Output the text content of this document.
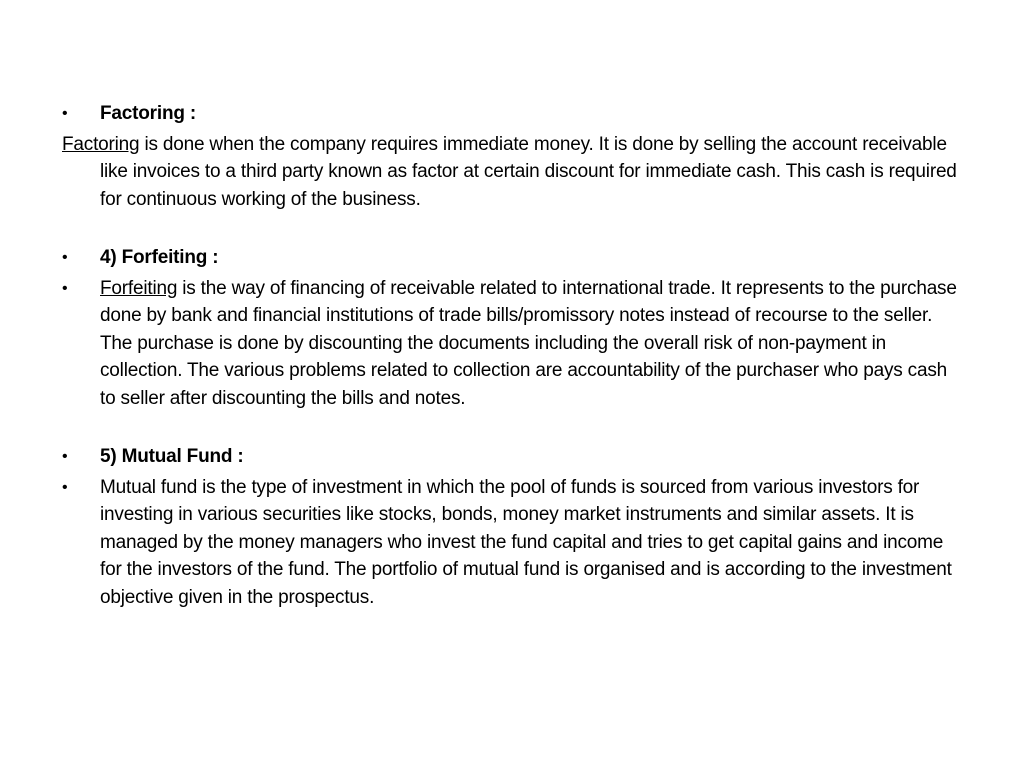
•	Factoring :

Factoring is done when the company requires immediate money. It is done by selling the account receivable like invoices to a third party known as factor at certain discount for immediate cash. This cash is required for continuous working of the business.

•	4) Forfeiting :

•	Forfeiting is the way of financing of receivable related to international trade. It represents to the purchase done by bank and financial institutions of trade bills/promissory notes instead of recourse to the seller. The purchase is done by discounting the documents including the overall risk of non-payment in collection. The various problems related to collection are accountability of the purchaser who pays cash to seller after discounting the bills and notes.

•	5) Mutual Fund :

•	Mutual fund is the type of investment in which the pool of funds is sourced from various investors for investing in various securities like stocks, bonds, money market instruments and similar assets. It is managed by the money managers who invest the fund capital and tries to get capital gains and income for the investors of the fund. The portfolio of mutual fund is organised and is according to the investment objective given in the prospectus.
